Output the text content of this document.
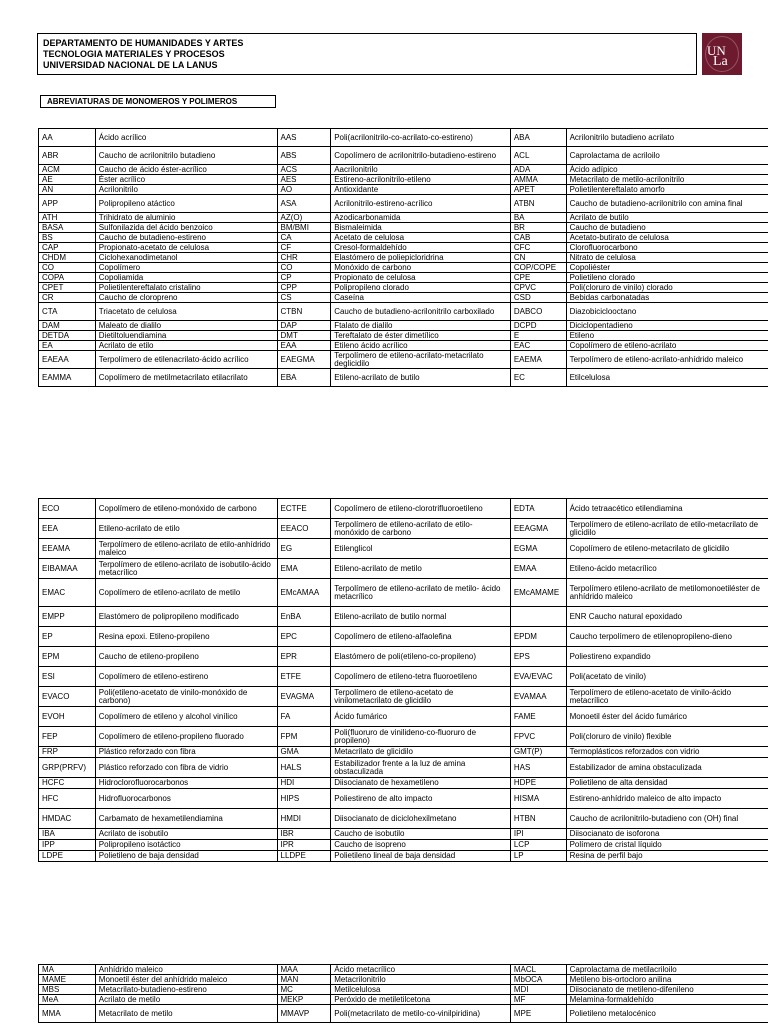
DEPARTAMENTO DE HUMANIDADES Y ARTES
TECNOLOGIA MATERIALES Y PROCESOS
UNIVERSIDAD NACIONAL DE LA LANUS
UN
La
ABREVIATURAS DE MONOMEROS Y POLIMEROS
AA	Ácido acrílico	AAS	Poli(acrilonitrilo-co-acrilato-co-estireno)	ABA	Acrilonitrilo butadieno acrilato
ABR	Caucho de acrilonitrilo butadieno	ABS	Copolímero de acrilonitrilo-butadieno-estireno	ACL	Caprolactama de acriloilo
ACM	Caucho de ácido éster-acrílico	ACS	Aacrilonitrilo	ADA	Ácido adípico
AE	Éster acrílico	AES	Estireno-acrilonitrilo-etileno	AMMA	Metacrilato de metilo-acrilonitrilo
AN	Acrilonitrilo	AO	Antioxidante	APET	Polietilentereftalato amorfo
APP	Polipropileno atáctico	ASA	Acrilonitrilo-estireno-acrílico	ATBN	Caucho de butadieno-acrilonitrilo con amina final
ATH	Trihidrato de aluminio	AZ(O)	Azodicarbonamida	BA	Acrilato de butilo
BASA	Sulfonilazida del ácido benzoico	BM/BMI	Bismaleimida	BR	Caucho de butadieno
BS	Caucho de butadieno-estireno	CA	Acetato de celulosa	CAB	Acetato-butirato de celulosa
CAP	Propionato-acetato de celulosa	CF	Cresol-formaldehído	CFC	Clorofluorocarbono
CHDM	Ciclohexanodimetanol	CHR	Elastómero de poliepicloridrina	CN	Nitrato de celulosa
CO	Copolímero	CO	Monóxido de carbono	COP/COPE	Copoliéster
COPA	Copoliamida	CP	Propionato de celulosa	CPE	Polietileno clorado
CPET	Polietilentereftalato cristalino	CPP	Polipropileno clorado	CPVC	Poli(cloruro de vinilo) clorado
CR	Caucho de cloropreno	CS	Caseína	CSD	Bebidas carbonatadas
CTA	Triacetato de celulosa	CTBN	Caucho de butadieno-acrilonitrilo carboxilado	DABCO	Diazobiciclooctano
DAM	Maleato de dialilo	DAP	Ftalato de dialilo	DCPD	Diciclopentadieno
DETDA	Dietiltoluendiamina	DMT	Tereftalato de éster dimetílico	E	Etileno
EA	Acrilato de etilo	EAA	Etileno ácido acrílico	EAC	Copolímero de etileno-acrilato
EAEAA	Terpolímero de etilenacrilato-ácido acrílico	EAEGMA	Terpolímero de etileno-acrilato-metacrilato deglicidilo	EAEMA	Terpolímero de etileno-acrilato-anhídrido maleico
EAMMA	Copolímero de metilmetacrilato etilacrilato	EBA	Etileno-acrilato de butilo	EC	Etilcelulosa
ECO	Copolímero de etileno-monóxido de carbono	ECTFE	Copolímero de etileno-clorotrifluoroetileno	EDTA	Ácido tetraacético etilendiamina
EEA	Etileno-acrilato de etilo	EEACO	Terpolímero de etileno-acrilato de etilo-monóxido de carbono	EEAGMA	Terpolímero de etileno-acrilato de etilo-metacrilato de glicidilo
EEAMA	Terpolímero de etileno-acrilato de etilo-anhídrido maleico	EG	Etilenglicol	EGMA	Copolímero de etileno-metacrilato de glicidilo
EIBAMAA	Terpolímero de etileno-acrilato de isobutilo-ácido metacrílico	EMA	Etileno-acrilato de metilo	EMAA	Etileno-ácido metacrílico
EMAC	Copolímero de etileno-acrilato de metilo	EMcAMAA	Terpolímero de etileno-acrilato de metilo- ácido metacrílico	EMcAMAME	Terpolímero etileno-acrilato de metilomonoetiléster de anhídrido maleico
EMPP	Elastómero de polipropileno modificado	EnBA	Etileno-acrilato de butilo normal		ENR Caucho natural epoxidado
EP	Resina epoxi. Etileno-propileno	EPC	Copolímero de etileno-alfaolefina	EPDM	Caucho terpolímero de etilenopropileno-dieno
EPM	Caucho de etileno-propileno	EPR	Elastómero de poli(etileno-co-propileno)	EPS	Poliestireno expandido
ESI	Copolímero de etileno-estireno	ETFE	Copolímero de etileno-tetra fluoroetileno	EVA/EVAC	Poli(acetato de vinilo)
EVACO	Poli(etileno-acetato de vinilo-monóxido de carbono)	EVAGMA	Terpolímero de etileno-acetato de vinilometacrilato de glicidilo	EVAMAA	Terpolímero de etileno-acetato de vinilo-ácido metacrílico
EVOH	Copolímero de etileno y alcohol vinílico	FA	Ácido fumárico	FAME	Monoetil éster del ácido fumárico
FEP	Copolímero de etileno-propileno fluorado	FPM	Poli(fluoruro de vinilideno-co-fluoruro de propileno)	FPVC	Poli(cloruro de vinilo) flexible
FRP	Plástico reforzado con fibra	GMA	Metacrilato de glicidilo	GMT(P)	Termoplásticos reforzados con vidrio
GRP(PRFV)	Plástico reforzado con fibra de vidrio	HALS	Estabilizador frente a la luz de amina obstaculizada	HAS	Estabilizador de amina obstaculizada
HCFC	Hidroclorofluorocarbonos	HDI	Diisocianato de hexametileno	HDPE	Polietileno de alta densidad
HFC	Hidrofluorocarbonos	HIPS	Poliestireno de alto impacto	HISMA	Estireno-anhídrido maleico de alto impacto
HMDAC	Carbamato de hexametilendiamina	HMDI	Diisocianato de diciclohexilmetano	HTBN	Caucho de acrilonitrilo-butadieno con (OH) final
IBA	Acrilato de isobutilo	IBR	Caucho de isobutilo	IPI	Diisocianato de isoforona
IPP	Polipropileno isotáctico	IPR	Caucho de isopreno	LCP	Polímero de cristal líquido
LDPE	Polietileno de baja densidad	LLDPE	Polietileno lineal de baja densidad	LP	Resina de perfil bajo
MA	Anhídrido maleico	MAA	Ácido metacrílico	MACL	Caprolactama de metilacriloilo
MAME	Monoetil éster del anhídrido maleico	MAN	Metacrilonitrilo	MbOCA	Metileno bis-ortocloro anilina
MBS	Metacrilato-butadieno-estireno	MC	Metilcelulosa	MDI	Diisocianato de metileno-difenileno
MeA	Acrilato de metilo	MEKP	Peróxido de metiletilcetona	MF	Melamina-formaldehído
MMA	Metacrilato de metilo	MMAVP	Poli(metacrilato de metilo-co-vinilpiridina)	MPE	Polietileno metalocénico
